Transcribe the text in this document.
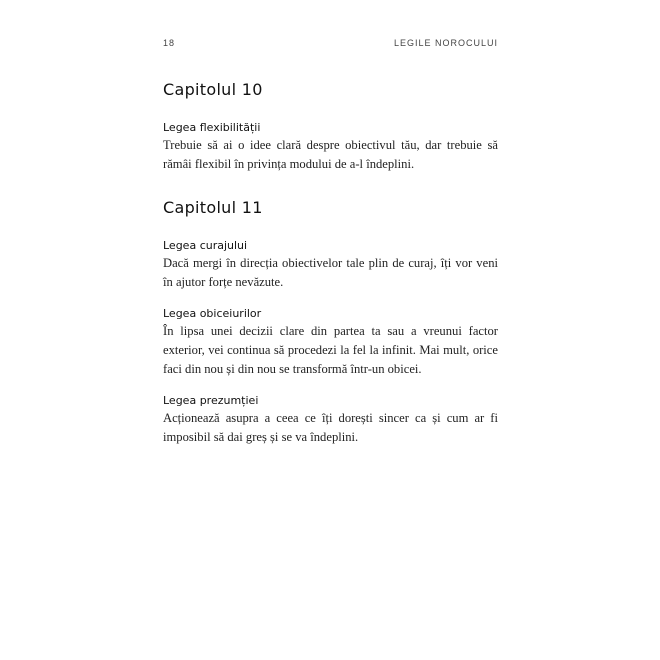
18	LEGILE NOROCULUI
Capitolul 10
Legea flexibilității

Trebuie să ai o idee clară despre obiectivul tău, dar trebuie să rămâi flexibil în privința modului de a-l îndeplini.

Capitolul 11
Legea curajului

Dacă mergi în direcția obiectivelor tale plin de curaj, îți vor veni în ajutor forțe nevăzute.

Legea obiceiurilor

În lipsa unei decizii clare din partea ta sau a vreunui factor exterior, vei continua să procedezi la fel la infinit. Mai mult, orice faci din nou și din nou se transformă într-un obicei.

Legea prezumției

Acționează asupra a ceea ce îți dorești sincer ca și cum ar fi imposibil să dai greș și se va îndeplini.
